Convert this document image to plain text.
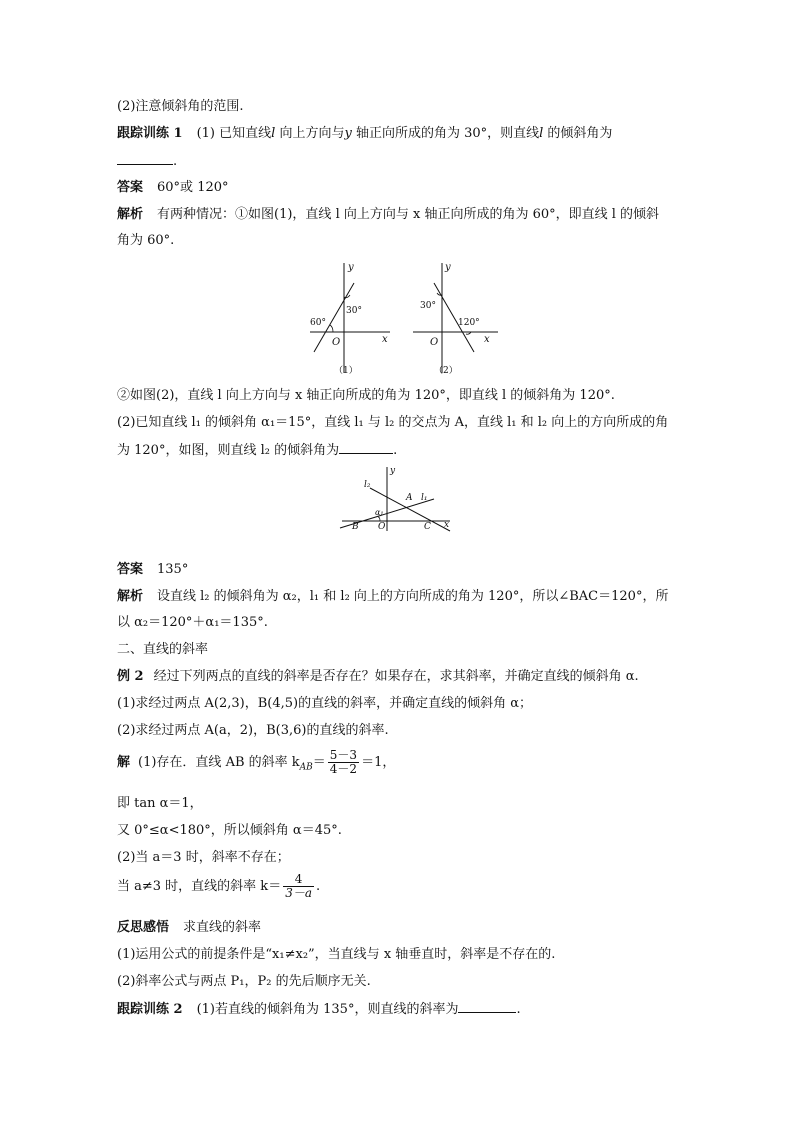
(2)注意倾斜角的范围.
跟踪训练 1 (1) 已知直线l 向上方向与y 轴正向所成的角为 30°，则直线l 的倾斜角为
.
答案 60°或 120°
解析 有两种情况：①如图(1)，直线 l 向上方向与 x 轴正向所成的角为 60°，即直线 l 的倾斜
角为 60°.
y
x
O
30°
60°
（1）
y
x
O
30°
120°
（2）
②如图(2)，直线 l 向上方向与 x 轴正向所成的角为 120°，即直线 l 的倾斜角为 120°.
(2)已知直线 l₁ 的倾斜角 α₁＝15°，直线 l₁ 与 l₂ 的交点为 A，直线 l₁ 和 l₂ 向上的方向所成的角
为 120°，如图，则直线 l₂ 的倾斜角为	.
y
x
O
B	C
A l₁
l₂
α₁
答案 135°
解析 设直线 l₂ 的倾斜角为 α₂，l₁ 和 l₂ 向上的方向所成的角为 120°，所以∠BAC＝120°，所
以 α₂＝120°＋α₁＝135°.
二、直线的斜率
例 2 经过下列两点的直线的斜率是否存在？如果存在，求其斜率，并确定直线的倾斜角 α.
(1)求经过两点 A(2,3)，B(4,5)的直线的斜率，并确定直线的倾斜角 α；
(2)求经过两点 A(a，2)，B(3,6)的直线的斜率.
解 (1)存在．直线 AB 的斜率 $k_{AB}= \frac{5-3}{4-2} =1$，
即 tan α＝1，
又 0°≤α<180°，所以倾斜角 α＝45°.
(2)当 a＝3 时，斜率不存在；
当 a≠3 时，直线的斜率 $k= \frac{4}{3-a}$ .
反思感悟 求直线的斜率
(1)运用公式的前提条件是“x₁≠x₂”，当直线与 x 轴垂直时，斜率是不存在的.
(2)斜率公式与两点 P₁，P₂ 的先后顺序无关.
跟踪训练 2 (1)若直线的倾斜角为 135°，则直线的斜率为	.
